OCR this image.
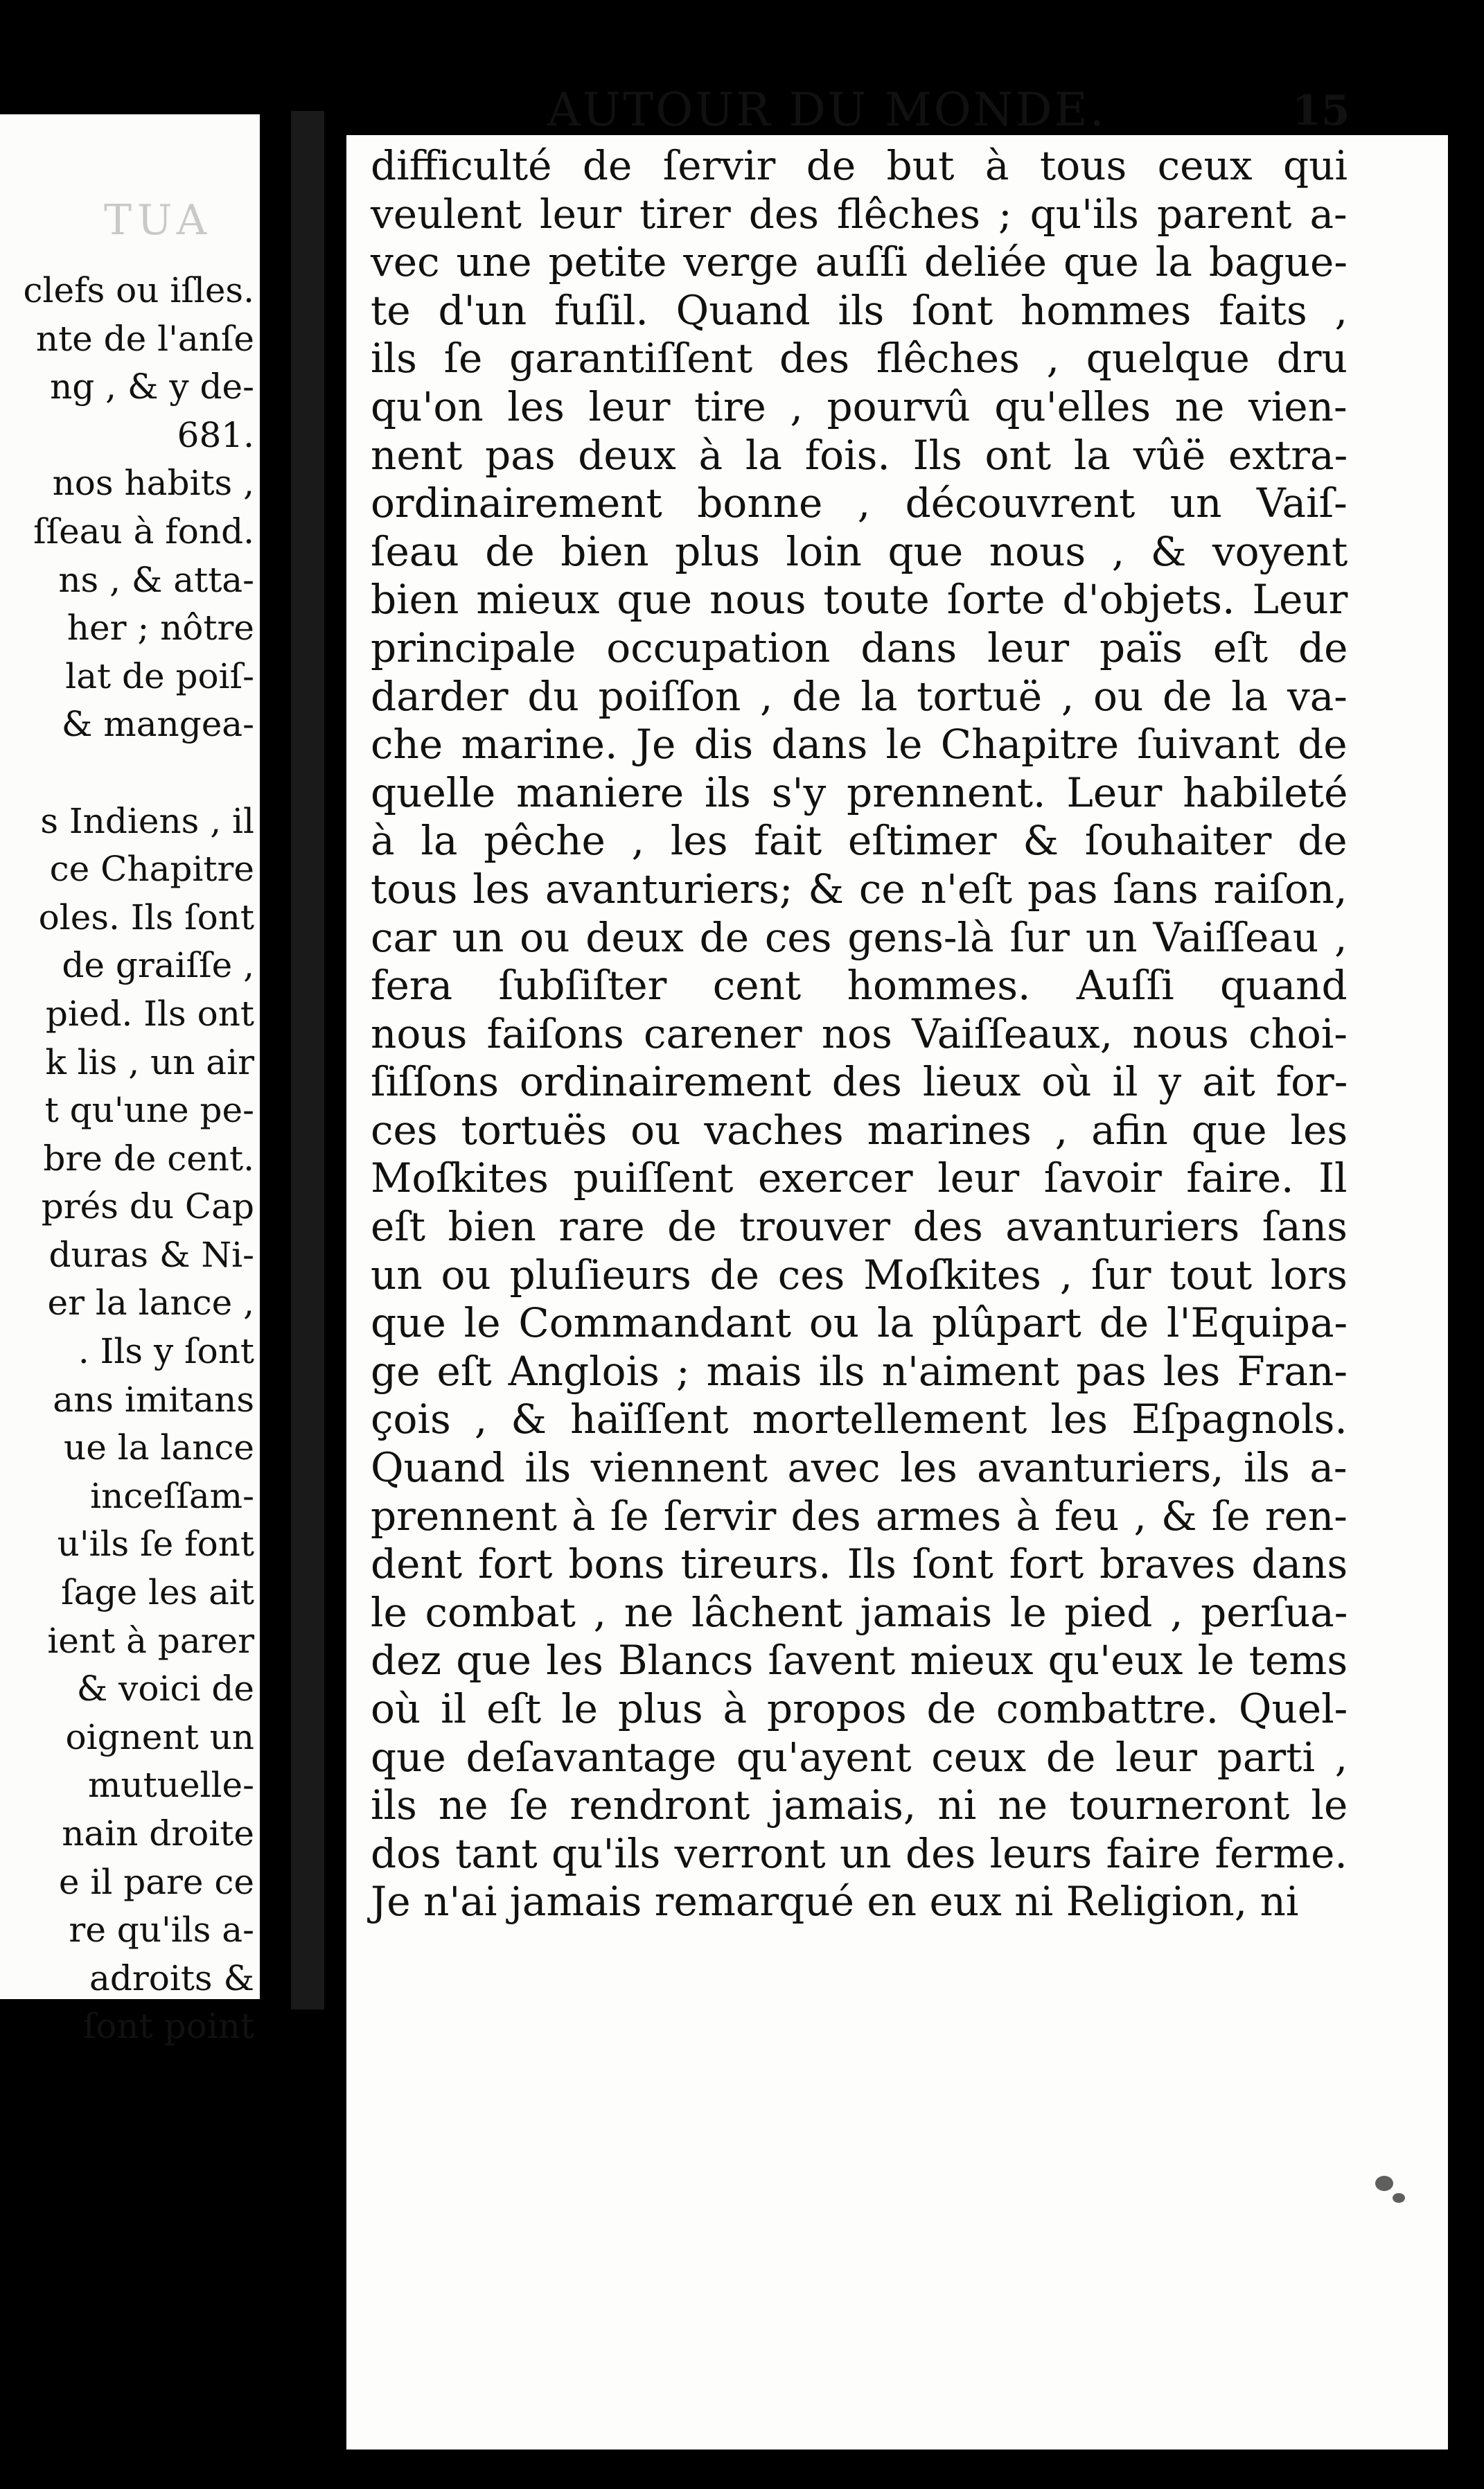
TUA
clefs ou iſles.
nte de l'anſe
ng , & y de-
681.
nos habits ,
ſſeau à fond.
ns , & atta-
her ; nôtre
lat de poiſ-
& mangea-
s Indiens , il
ce Chapitre
oles. Ils ſont
de graiſſe ,
pied. Ils ont
k lis , un air
t qu'une pe-
bre de cent.
prés du Cap
duras & Ni-
er la lance ,
. Ils y ſont
ans imitans
ue la lance
inceſſam-
u'ils ſe font
ſage les ait
ient à parer
& voici de
oignent un
mutuelle-
nain droite
e il pare ce
re qu'ils a-
adroits &
ſont point
AUTOUR DU MONDE.	15
difficulté de ſervir de but à tous ceux qui
veulent leur tirer des flêches ; qu'ils parent a-
vec une petite verge auſſi deliée que la bague-
te d'un fuſil. Quand ils ſont hommes faits ,
ils ſe garantiſſent des flêches , quelque dru
qu'on les leur tire , pourvû qu'elles ne vien-
nent pas deux à la fois. Ils ont la vûë extra-
ordinairement bonne , découvrent un Vaiſ-
ſeau de bien plus loin que nous , & voyent
bien mieux que nous toute ſorte d'objets. Leur
principale occupation dans leur païs eſt de
darder du poiſſon , de la tortuë , ou de la va-
che marine. Je dis dans le Chapitre ſuivant de
quelle maniere ils s'y prennent. Leur habileté
à la pêche , les fait eſtimer & ſouhaiter de
tous les avanturiers; & ce n'eſt pas ſans raiſon,
car un ou deux de ces gens-là ſur un Vaiſſeau ,
fera ſubſiſter cent hommes. Auſſi quand
nous faiſons carener nos Vaiſſeaux, nous choi-
ſiſſons ordinairement des lieux où il y ait for-
ces tortuës ou vaches marines , afin que les
Moſkites puiſſent exercer leur ſavoir faire. Il
eſt bien rare de trouver des avanturiers ſans
un ou pluſieurs de ces Moſkites , ſur tout lors
que le Commandant ou la plûpart de l'Equipa-
ge eſt Anglois ; mais ils n'aiment pas les Fran-
çois , & haïſſent mortellement les Eſpagnols.
Quand ils viennent avec les avanturiers, ils a-
prennent à ſe ſervir des armes à feu , & ſe ren-
dent fort bons tireurs. Ils ſont fort braves dans
le combat , ne lâchent jamais le pied , perſua-
dez que les Blancs ſavent mieux qu'eux le tems
où il eſt le plus à propos de combattre. Quel-
que deſavantage qu'ayent ceux de leur parti ,
ils ne ſe rendront jamais, ni ne tourneront le
dos tant qu'ils verront un des leurs faire ferme.
Je n'ai jamais remarqué en eux ni Religion, ni
